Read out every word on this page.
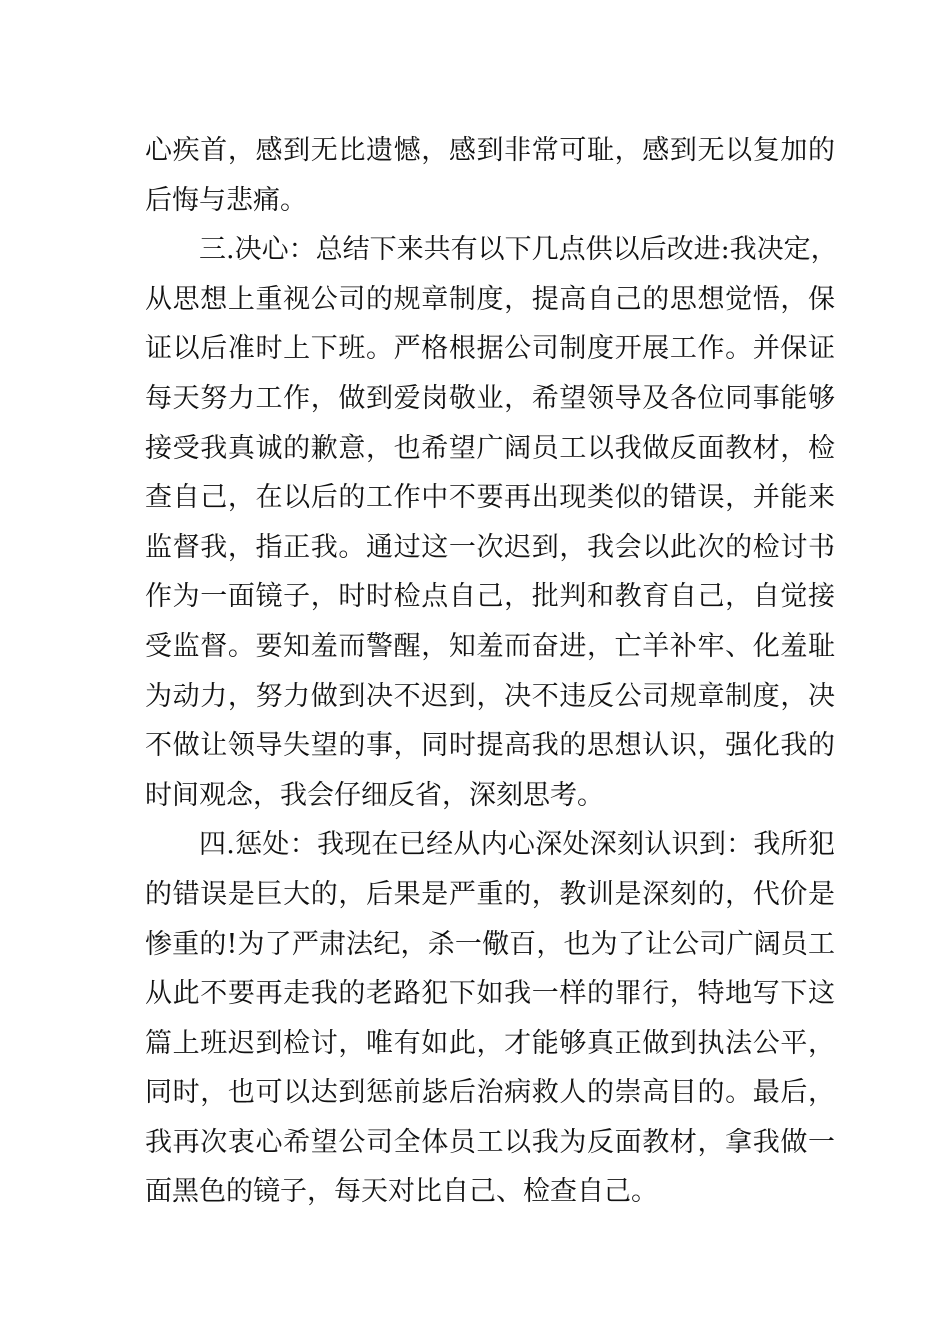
心疾首，感到无比遗憾，感到非常可耻，感到无以复加的
后悔与悲痛。
三.决心：总结下来共有以下几点供以后改进:我决定，
从思想上重视公司的规章制度，提高自己的思想觉悟，保
证以后准时上下班。严格根据公司制度开展工作。并保证
每天努力工作，做到爱岗敬业，希望领导及各位同事能够
接受我真诚的歉意，也希望广阔员工以我做反面教材，检
查自己，在以后的工作中不要再出现类似的错误，并能来
监督我，指正我。通过这一次迟到，我会以此次的检讨书
作为一面镜子，时时检点自己，批判和教育自己，自觉接
受监督。要知羞而警醒，知羞而奋进，亡羊补牢、化羞耻
为动力，努力做到决不迟到，决不违反公司规章制度，决
不做让领导失望的事，同时提高我的思想认识，强化我的
时间观念，我会仔细反省，深刻思考。
四.惩处：我现在已经从内心深处深刻认识到：我所犯
的错误是巨大的，后果是严重的，教训是深刻的，代价是
惨重的!为了严肃法纪，杀一儆百，也为了让公司广阔员工
从此不要再走我的老路犯下如我一样的罪行，特地写下这
篇上班迟到检讨，唯有如此，才能够真正做到执法公平，
同时，也可以达到惩前毖后治病救人的崇高目的。最后，
我再次衷心希望公司全体员工以我为反面教材，拿我做一
面黑色的镜子，每天对比自己、检查自己。
